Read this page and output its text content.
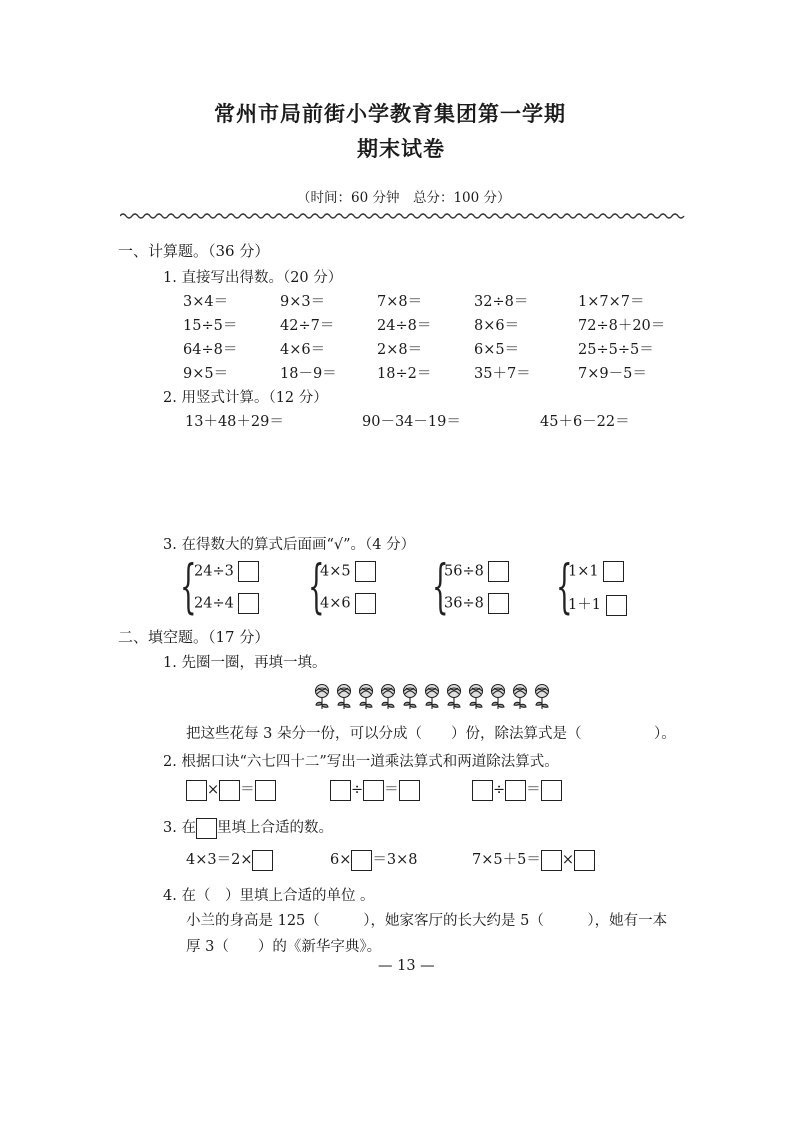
常州市局前街小学教育集团第一学期
期末试卷
（时间：60 分钟　总分：100 分）
一、计算题。（36 分）
1. 直接写出得数。（20 分）
3×4＝	9×3＝	7×8＝	32÷8＝	1×7×7＝
15÷5＝	42÷7＝	24÷8＝	8×6＝	72÷8＋20＝
64÷8＝	4×6＝	2×8＝	6×5＝	25÷5÷5＝
9×5＝	18－9＝	18÷2＝	35＋7＝	7×9－5＝
2. 用竖式计算。（12 分）
13＋48＋29＝	90－34－19＝	45＋6－22＝
3. 在得数大的算式后面画“√”。（4 分）
{
24÷3
24÷4	{
4×5
4×6	{
56÷8
36÷8	{
1×1
1＋1
二、填空题。（17 分）
1. 先圈一圈，再填一填。
把这些花每 3 朵分一份，可以分成（　　）份，除法算式是（　　　　　）。
2. 根据口诀“六七四十二”写出一道乘法算式和两道除法算式。
× ＝	÷ ＝	÷ ＝
3. 在 里填上合适的数。
4×3＝2×	6× ＝3×8	7×5＋5＝ ×
4. 在（　）里填上合适的单位 。
小兰的身高是 125（　　　），她家客厅的长大约是 5（　　　），她有一本
厚 3（　　）的《新华字典》。
— 13 —
